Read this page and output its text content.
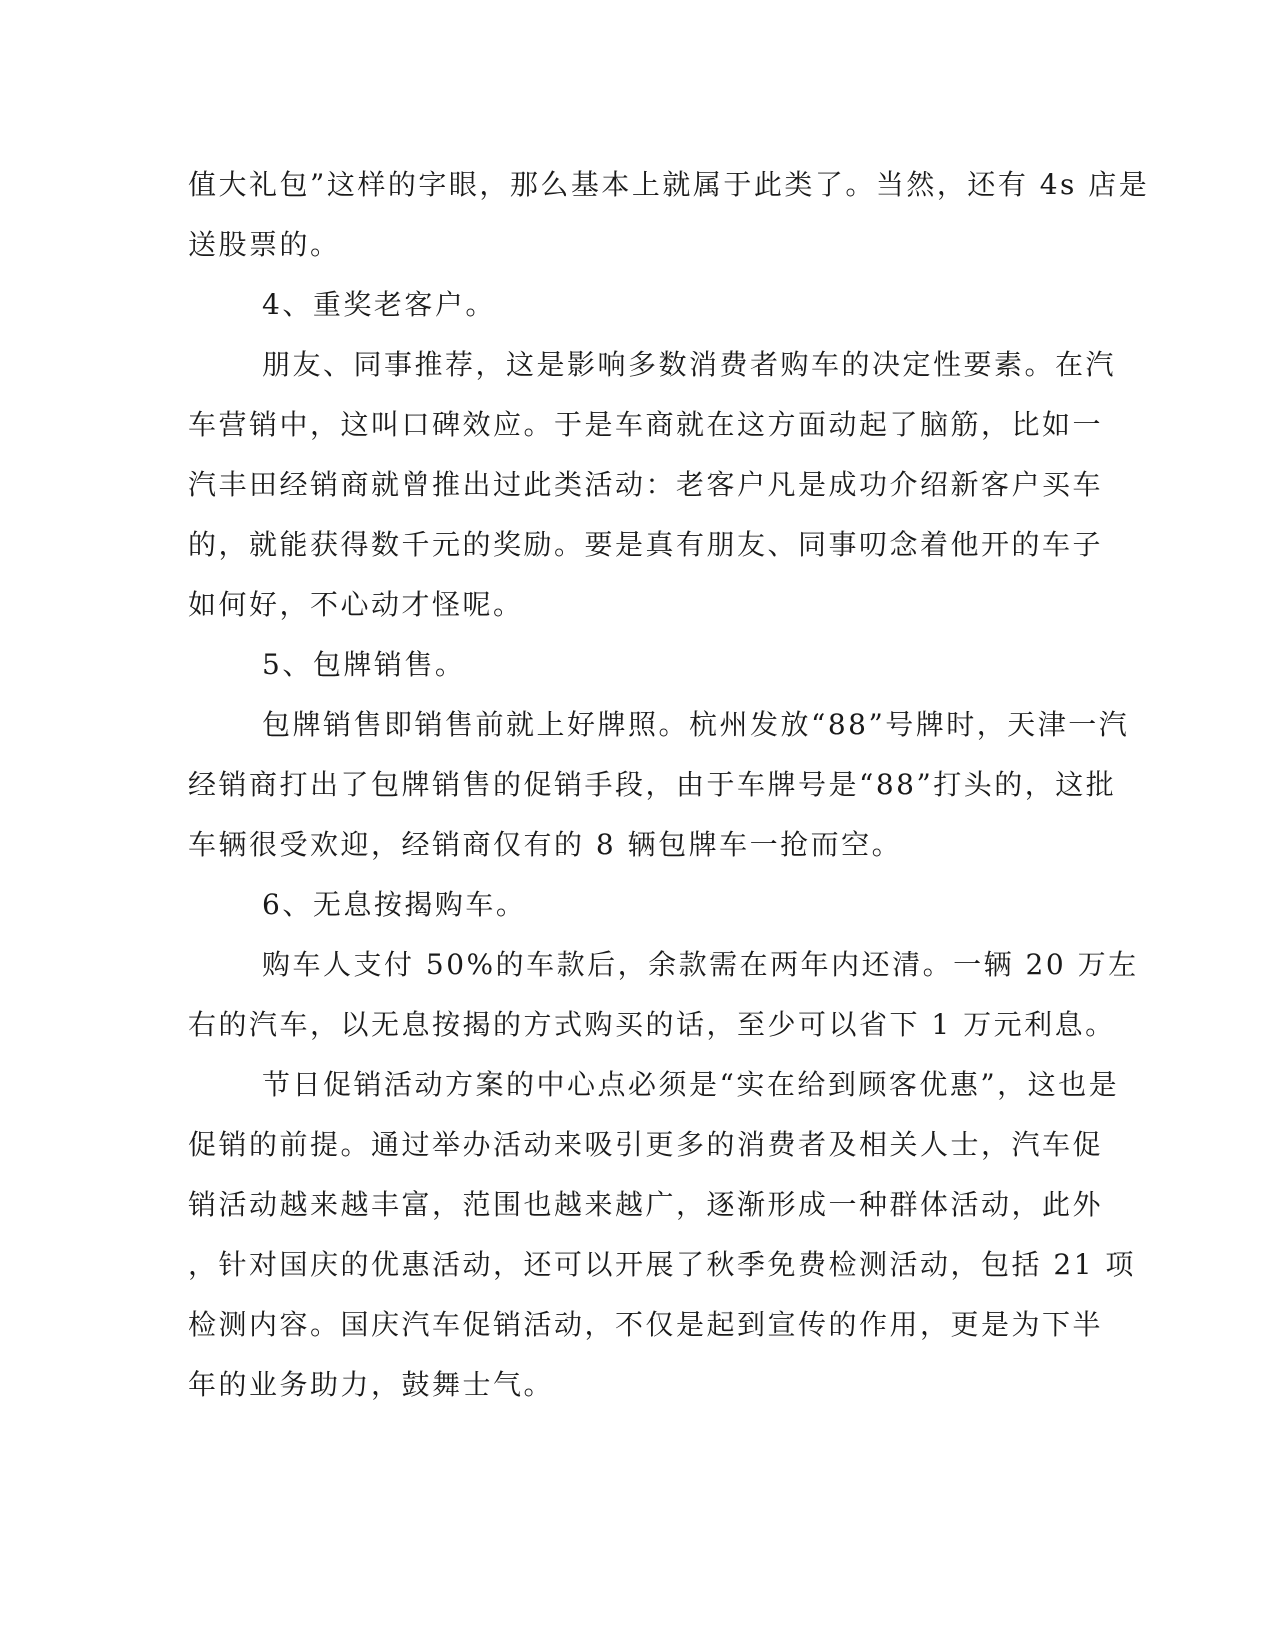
值大礼包”这样的字眼，那么基本上就属于此类了。当然，还有 4s 店是

送股票的。

4、重奖老客户。

朋友、同事推荐，这是影响多数消费者购车的决定性要素。在汽

车营销中，这叫口碑效应。于是车商就在这方面动起了脑筋，比如一

汽丰田经销商就曾推出过此类活动：老客户凡是成功介绍新客户买车

的，就能获得数千元的奖励。要是真有朋友、同事叨念着他开的车子

如何好，不心动才怪呢。

5、包牌销售。

包牌销售即销售前就上好牌照。杭州发放“88”号牌时，天津一汽

经销商打出了包牌销售的促销手段，由于车牌号是“88”打头的，这批

车辆很受欢迎，经销商仅有的 8 辆包牌车一抢而空。

6、无息按揭购车。

购车人支付 50%的车款后，余款需在两年内还清。一辆 20 万左

右的汽车，以无息按揭的方式购买的话，至少可以省下 1 万元利息。

节日促销活动方案的中心点必须是“实在给到顾客优惠”，这也是

促销的前提。通过举办活动来吸引更多的消费者及相关人士，汽车促

销活动越来越丰富，范围也越来越广，逐渐形成一种群体活动，此外

，针对国庆的优惠活动，还可以开展了秋季免费检测活动，包括 21 项

检测内容。国庆汽车促销活动，不仅是起到宣传的作用，更是为下半

年的业务助力，鼓舞士气。
